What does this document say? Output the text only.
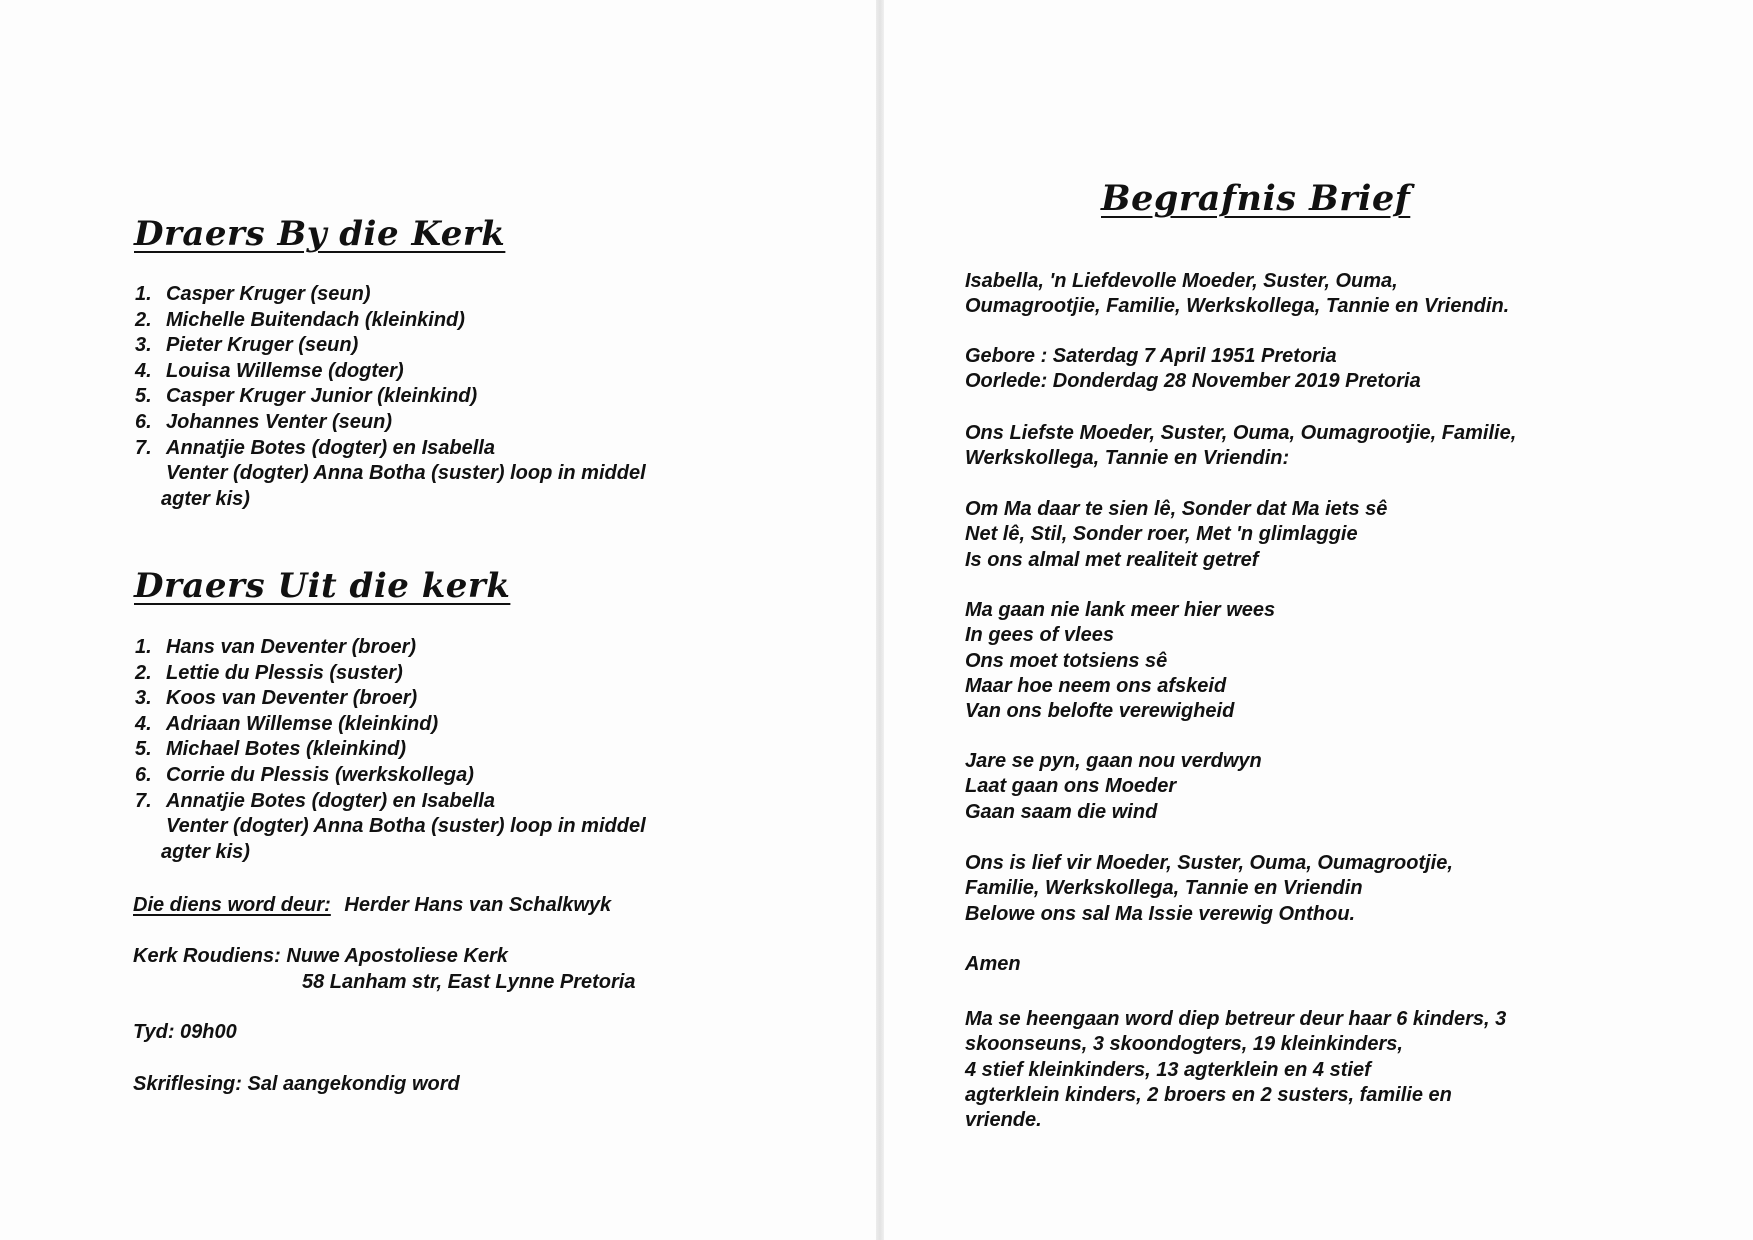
Draers By die Kerk
1. Casper Kruger (seun)
2. Michelle Buitendach (kleinkind)
3. Pieter Kruger (seun)
4. Louisa Willemse (dogter)
5. Casper Kruger Junior (kleinkind)
6. Johannes Venter (seun)
7. Annatjie Botes (dogter) en Isabella
Venter (dogter) Anna Botha (suster) loop in middel
agter kis)
Draers Uit die kerk
1. Hans van Deventer (broer)
2. Lettie du Plessis (suster)
3. Koos van Deventer (broer)
4. Adriaan Willemse (kleinkind)
5. Michael Botes (kleinkind)
6. Corrie du Plessis (werkskollega)
7. Annatjie Botes (dogter) en Isabella
Venter (dogter) Anna Botha (suster) loop in middel
agter kis)
Die diens word deur: Herder Hans van Schalkwyk
Kerk Roudiens: Nuwe Apostoliese Kerk
58 Lanham str, East Lynne Pretoria
Tyd: 09h00
Skriflesing: Sal aangekondig word
Begrafnis Brief
Isabella, 'n Liefdevolle Moeder, Suster, Ouma,
Oumagrootjie, Familie, Werkskollega, Tannie en Vriendin.
Gebore : Saterdag 7 April 1951 Pretoria
Oorlede: Donderdag 28 November 2019 Pretoria
Ons Liefste Moeder, Suster, Ouma, Oumagrootjie, Familie,
Werkskollega, Tannie en Vriendin:
Om Ma daar te sien lê, Sonder dat Ma iets sê
Net lê, Stil, Sonder roer, Met 'n glimlaggie
Is ons almal met realiteit getref
Ma gaan nie lank meer hier wees
In gees of vlees
Ons moet totsiens sê
Maar hoe neem ons afskeid
Van ons belofte verewigheid
Jare se pyn, gaan nou verdwyn
Laat gaan ons Moeder
Gaan saam die wind
Ons is lief vir Moeder, Suster, Ouma, Oumagrootjie,
Familie, Werkskollega, Tannie en Vriendin
Belowe ons sal Ma Issie verewig Onthou.
Amen
Ma se heengaan word diep betreur deur haar 6 kinders, 3
skoonseuns, 3 skoondogters, 19 kleinkinders,
4 stief kleinkinders, 13 agterklein en 4 stief
agterklein kinders, 2 broers en 2 susters, familie en
vriende.
